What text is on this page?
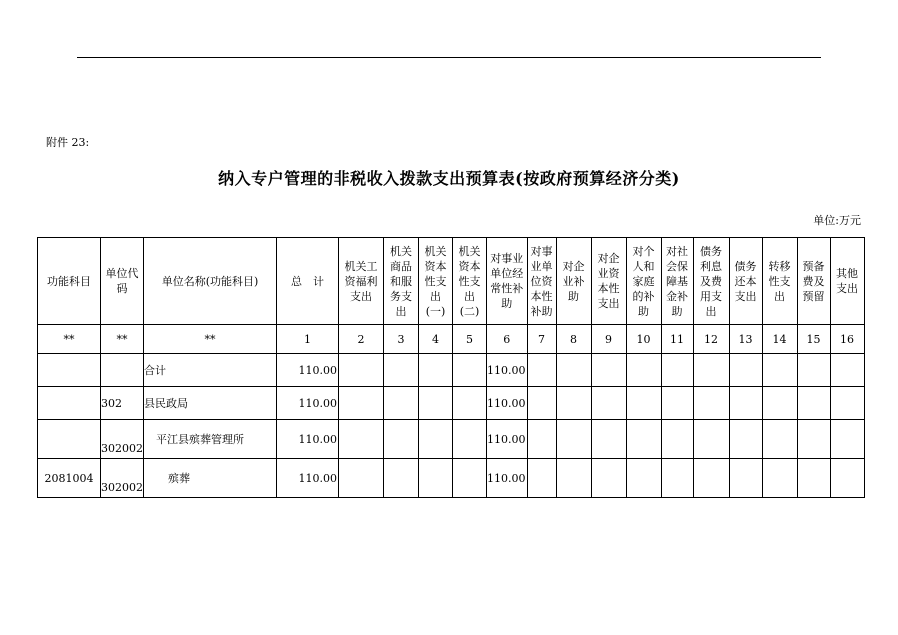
附件 23:
纳入专户管理的非税收入拨款支出预算表(按政府预算经济分类)
单位:万元
功能科目	单位代
码	单位名称(功能科目)	总　计	机关工
资福利
支出	机关
商品
和服
务支
出	机关
资本
性支
出
(一)	机关
资本
性支
出
(二)	对事业
单位经
常性补
助	对事
业单
位资
本性
补助	对企
业补
助	对企
业资
本性
支出	对个
人和
家庭
的补
助	对社
会保
障基
金补
助	债务
利息
及费
用支
出	债务
还本
支出	转移
性支
出	预备
费及
预留	其他
支出
**	**	**	1	2	3	4	5	6	7	8	9	10	11	12	13	14	15	16
		合计	110.00					110.00										
	302	县民政局	110.00					110.00										
	302002	平江县殡葬管理所	110.00					110.00										
2081004	302002	殡葬	110.00					110.00										
